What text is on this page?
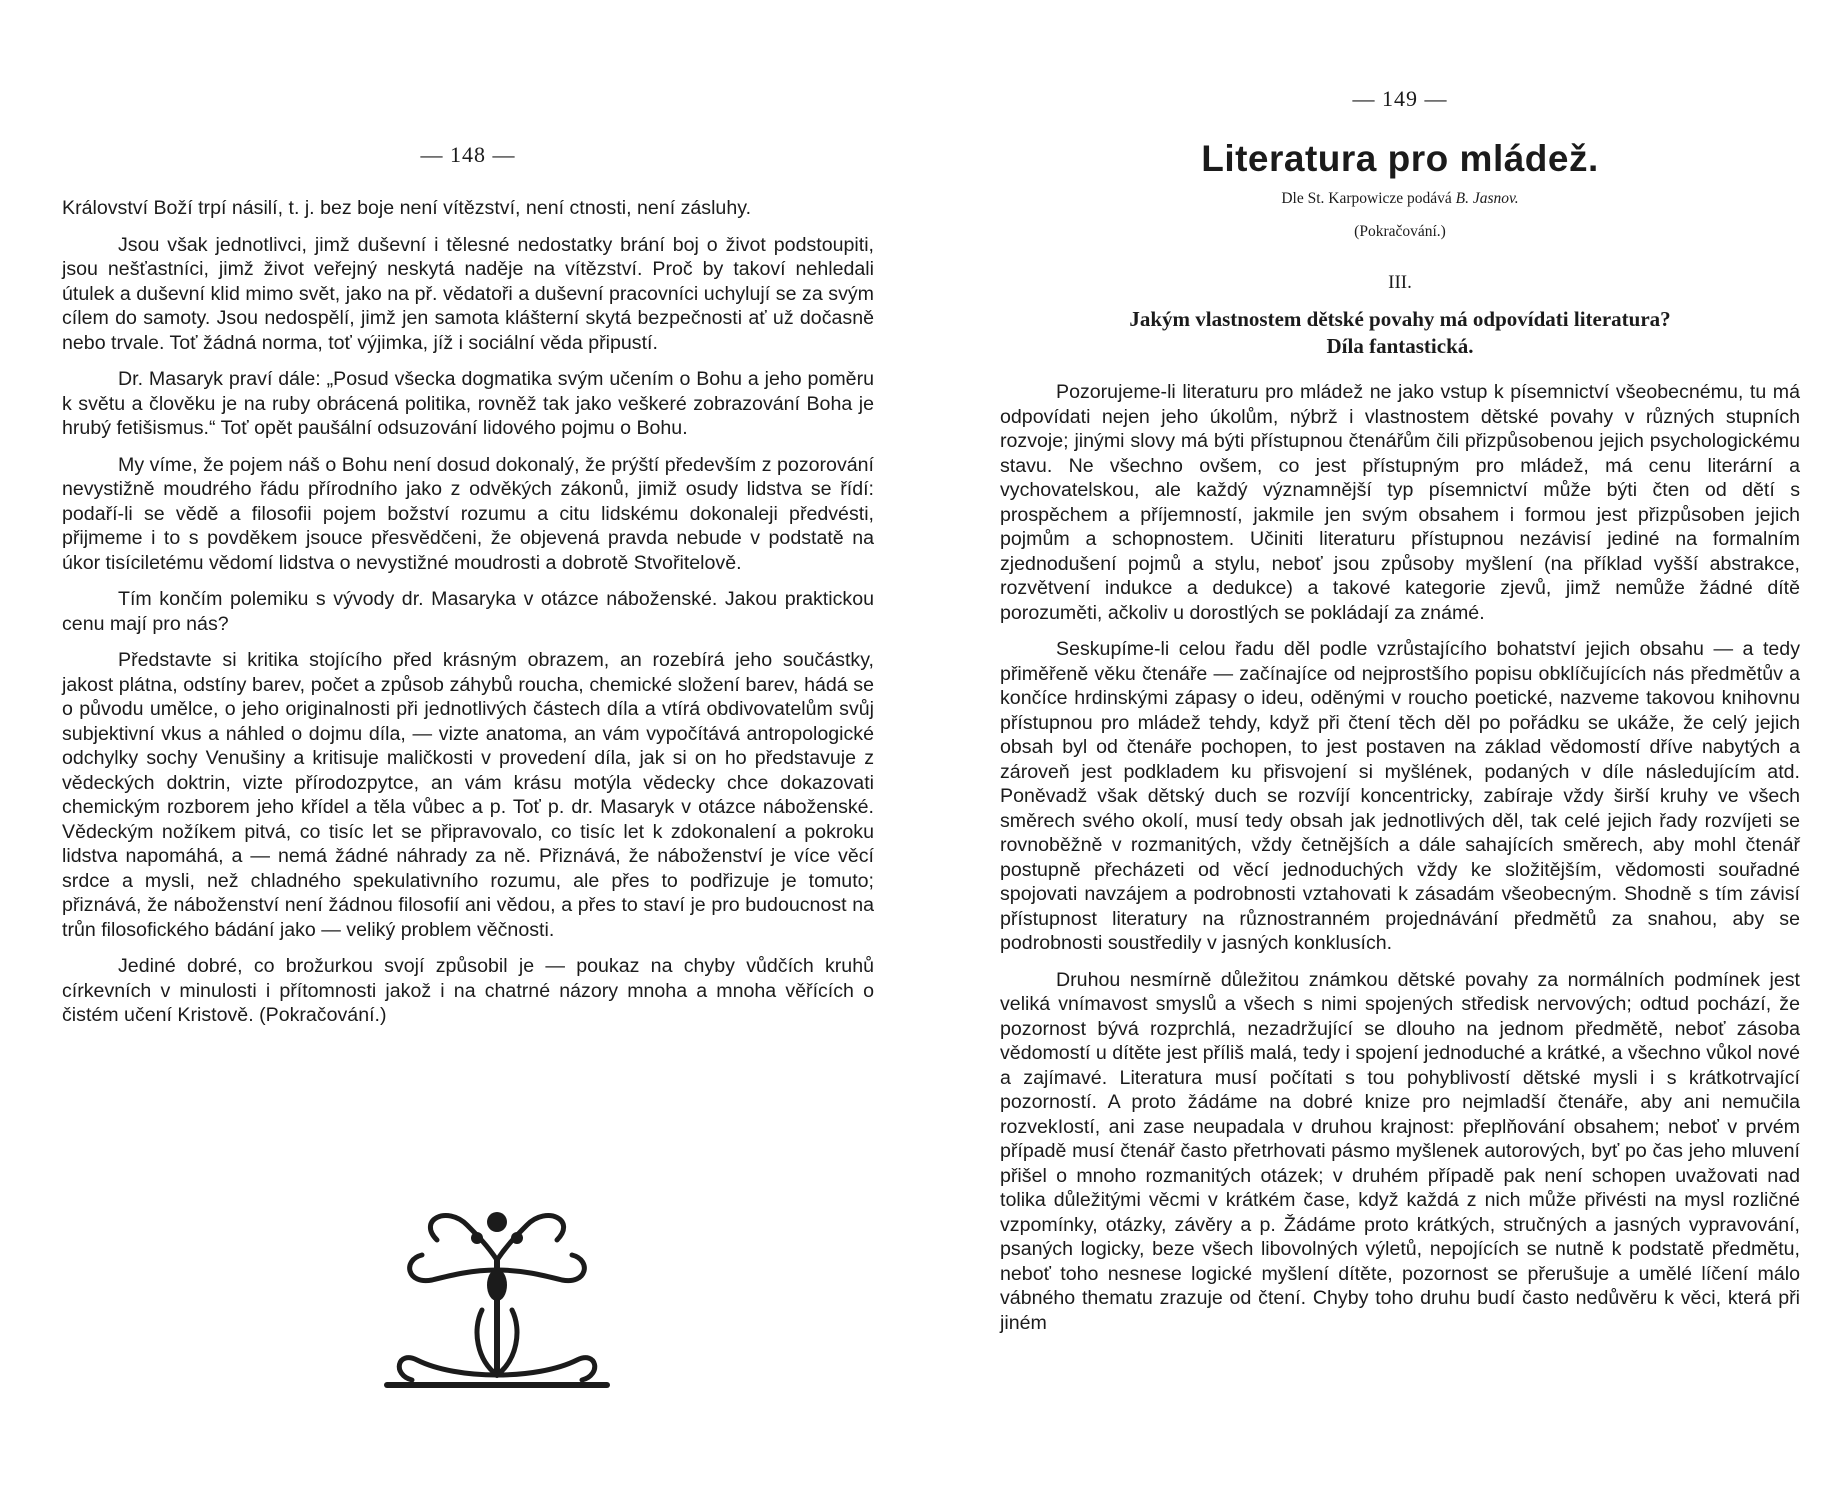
— 148 —

Království Boží trpí násilí, t. j. bez boje není vítězství, není ctnosti, není zásluhy.

Jsou však jednotlivci, jimž duševní i tělesné nedostatky brání boj o život podstoupiti, jsou nešťastníci, jimž život veřejný neskytá naděje na vítězství. Proč by takoví nehledali útulek a duševní klid mimo svět, jako na př. vědatoři a duševní pracovníci uchylují se za svým cílem do samoty. Jsou nedospělí, jimž jen samota klášterní skytá bezpečnosti ať už dočasně nebo trvale. Toť žádná norma, toť výjimka, jíž i sociální věda připustí.

Dr. Masaryk praví dále: „Posud všecka dogmatika svým učením o Bohu a jeho poměru k světu a člověku je na ruby obrácená politika, rovněž tak jako veškeré zobrazování Boha je hrubý fetišismus.“ Toť opět paušální odsuzování lidového pojmu o Bohu.

My víme, že pojem náš o Bohu není dosud dokonalý, že prýští především z pozorování nevystižně moudrého řádu přírodního jako z odvěkých zákonů, jimiž osudy lidstva se řídí: podaří-li se vědě a filosofii pojem božství rozumu a citu lidskému dokonaleji předvésti, přijmeme i to s povděkem jsouce přesvědčeni, že objevená pravda nebude v podstatě na úkor tisíciletému vědomí lidstva o nevystižné moudrosti a dobrotě Stvořitelově.

Tím končím polemiku s vývody dr. Masaryka v otázce náboženské. Jakou praktickou cenu mají pro nás?

Představte si kritika stojícího před krásným obrazem, an rozebírá jeho součástky, jakost plátna, odstíny barev, počet a způsob záhybů roucha, chemické složení barev, hádá se o původu umělce, o jeho originalnosti při jednotlivých částech díla a vtírá obdivovatelům svůj subjektivní vkus a náhled o dojmu díla, — vizte anatoma, an vám vypočítává antropologické odchylky sochy Venušiny a kritisuje maličkosti v provedení díla, jak si on ho představuje z vědeckých doktrin, vizte přírodozpytce, an vám krásu motýla vědecky chce dokazovati chemickým rozborem jeho křídel a těla vůbec a p. Toť p. dr. Masaryk v otázce náboženské. Vědeckým nožíkem pitvá, co tisíc let se připravovalo, co tisíc let k zdokonalení a pokroku lidstva napomáhá, a — nemá žádné náhrady za ně. Přiznává, že náboženství je více věcí srdce a mysli, než chladného spekulativního rozumu, ale přes to podřizuje je tomuto; přiznává, že náboženství není žádnou filosofií ani vědou, a přes to staví je pro budoucnost na trůn filosofického bádání jako — veliký problem věčnosti.

Jediné dobré, co brožurkou svojí způsobil je — poukaz na chyby vůdčích kruhů církevních v minulosti i přítomnosti jakož i na chatrné názory mnoha a mnoha věřících o čistém učení Kristově. (Pokračování.)

— 149 —
Literatura pro mládež.
Dle St. Karpowicze podává B. Jasnov.
(Pokračování.)
III.
Jakým vlastnostem dětské povahy má odpovídati literatura?
Díla fantastická.

Pozorujeme-li literaturu pro mládež ne jako vstup k písemnictví všeobecnému, tu má odpovídati nejen jeho úkolům, nýbrž i vlastnostem dětské povahy v různých stupních rozvoje; jinými slovy má býti přístupnou čtenářům čili přizpůsobenou jejich psychologickému stavu. Ne všechno ovšem, co jest přístupným pro mládež, má cenu literární a vychovatelskou, ale každý významnější typ písemnictví může býti čten od dětí s prospěchem a příjemností, jakmile jen svým obsahem i formou jest přizpůsoben jejich pojmům a schopnostem. Učiniti literaturu přístupnou nezávisí jediné na formalním zjednodušení pojmů a stylu, neboť jsou způsoby myšlení (na příklad vyšší abstrakce, rozvětvení indukce a dedukce) a takové kategorie zjevů, jimž nemůže žádné dítě porozuměti, ačkoliv u dorostlých se pokládají za známé.

Seskupíme-li celou řadu děl podle vzrůstajícího bohatství jejich obsahu — a tedy přiměřeně věku čtenáře — začínajíce od nejprostšího popisu obklíčujících nás předmětův a končíce hrdinskými zápasy o ideu, oděnými v roucho poetické, nazveme takovou knihovnu přístupnou pro mládež tehdy, když při čtení těch děl po pořádku se ukáže, že celý jejich obsah byl od čtenáře pochopen, to jest postaven na základ vědomostí dříve nabytých a zároveň jest podkladem ku přisvojení si myšlének, podaných v díle následujícím atd. Poněvadž však dětský duch se rozvíjí koncentricky, zabíraje vždy širší kruhy ve všech směrech svého okolí, musí tedy obsah jak jednotlivých děl, tak celé jejich řady rozvíjeti se rovnoběžně v rozmanitých, vždy četnějších a dále sahajících směrech, aby mohl čtenář postupně přecházeti od věcí jednoduchých vždy ke složitějším, vědomosti souřadné spojovati navzájem a podrobnosti vztahovati k zásadám všeobecným. Shodně s tím závisí přístupnost literatury na různostranném projednávání předmětů za snahou, aby se podrobnosti soustředily v jasných konklusích.

Druhou nesmírně důležitou známkou dětské povahy za normálních podmínek jest veliká vnímavost smyslů a všech s nimi spojených středisk nervových; odtud pochází, že pozornost bývá rozprchlá, nezadržující se dlouho na jednom předmětě, neboť zásoba vědomostí u dítěte jest příliš malá, tedy i spojení jednoduché a krátké, a všechno vůkol nové a zajímavé. Literatura musí počítati s tou pohyblivostí dětské mysli i s krátkotrvající pozorností. A proto žádáme na dobré knize pro nejmladší čtenáře, aby ani nemučila rozvekIostí, ani zase neupadala v druhou krajnost: přeplňování obsahem; neboť v prvém případě musí čtenář často přetrhovati pásmo myšlenek autorových, byť po čas jeho mluvení přišel o mnoho rozmanitých otázek; v druhém případě pak není schopen uvažovati nad tolika důležitými věcmi v krátkém čase, když každá z nich může přivésti na mysl rozličné vzpomínky, otázky, závěry a p. Žádáme proto krátkých, stručných a jasných vypravování, psaných logicky, beze všech libovolných výletů, nepojících se nutně k podstatě předmětu, neboť toho nesnese logické myšlení dítěte, pozornost se přerušuje a umělé líčení málo vábného thematu zrazuje od čtení. Chyby toho druhu budí často nedůvěru k věci, která při jiném
